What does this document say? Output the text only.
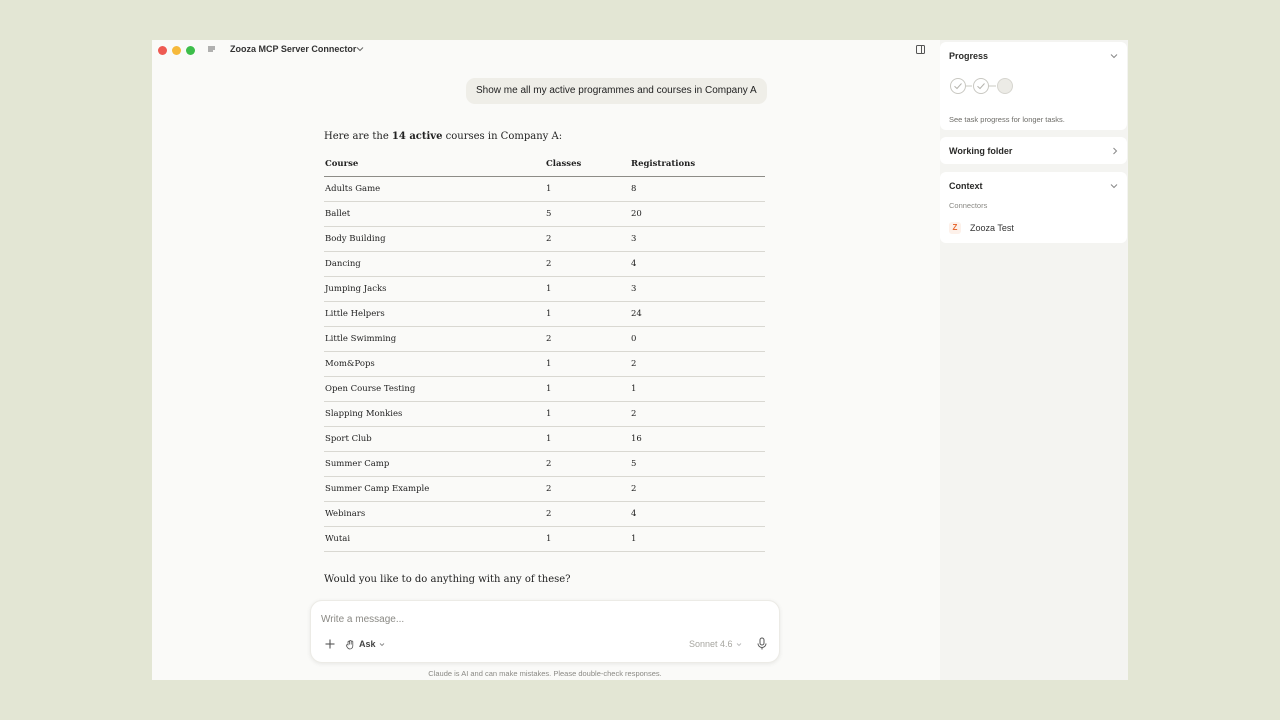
Zooza MCP Server Connector
Show me all my active programmes and courses in Company A

Here are the 14 active courses in Company A:

Course	Classes	Registrations
Adults Game	1	8
Ballet	5	20
Body Building	2	3
Dancing	2	4
Jumping Jacks	1	3
Little Helpers	1	24
Little Swimming	2	0
Mom&Pops	1	2
Open Course Testing	1	1
Slapping Monkies	1	2
Sport Club	1	16
Summer Camp	2	5
Summer Camp Example	2	2
Webinars	2	4
Wutai	1	1

Would you like to do anything with any of these?

Write a message...
Ask	Sonnet 4.6

Claude is AI and can make mistakes. Please double-check responses.

Progress
See task progress for longer tasks.
Working folder
Context
Connectors
Z	Zooza Test
